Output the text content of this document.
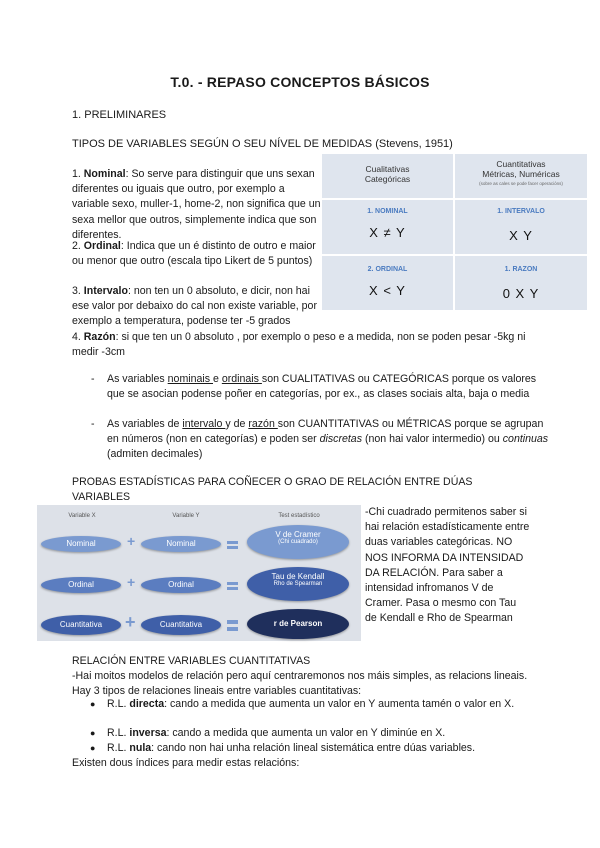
T.0. - REPASO CONCEPTOS BÁSICOS
1. PRELIMINARES
TIPOS DE VARIABLES SEGÚN O SEU NÍVEL DE MEDIDAS (Stevens, 1951)
1. Nominal: So serve para distinguir que uns sexan diferentes ou iguais que outro, por exemplo a variable sexo, muller-1, home-2, non significa que un sexa mellor que outros, simplemente indica que son diferentes.
2. Ordinal: Indica que un é distinto de outro e maior ou menor que outro (escala tipo Likert de 5 puntos)
3. Intervalo: non ten un 0 absoluto, e dicir, non hai ese valor por debaixo do cal non existe variable, por exemplo a temperatura, podense ter -5 grados
4. Razón: si que ten un 0 absoluto , por exemplo o peso e a medida, non se poden pesar -5kg ni medir -3cm
Cualitativas
Categóricas
Cuantitativas
Métricas, Numéricas
(sobre as cales se pode facer operacións)
1. NOMINAL
X ≠ Y
1. INTERVALO
X Y
2. ORDINAL
X < Y
1. RAZON
0 X Y
- As variables nominais e ordinais son CUALITATIVAS ou CATEGÓRICAS porque os valores que se asocian podense poñer en categorías, por ex., as clases sociais alta, baja o media
- As variables de intervalo y de razón son CUANTITATIVAS ou MÉTRICAS porque se agrupan en números (non en categorías) e poden ser discretas (non hai valor intermedio) ou continuas (admiten decimales)
PROBAS ESTADÍSTICAS PARA COÑECER O GRAO DE RELACIÓN ENTRE DÚAS VARIABLES
Variable X	Variable Y	Test estadístico
Nominal	+	Nominal
V de Cramer
(Chi cuadrado)
Ordinal	+	Ordinal
Tau de Kendall
Rho de Spearman
Cuantitativa	+	Cuantitativa	r de Pearson
-Chi cuadrado permitenos saber si hai relación estadísticamente entre duas variables categóricas. NO NOS INFORMA DA INTENSIDAD DA RELACIÓN. Para saber a intensidad infromanos V de Cramer. Pasa o mesmo con Tau de Kendall e Rho de Spearman
RELACIÓN ENTRE VARIABLES CUANTITATIVAS
-Hai moitos modelos de relación pero aquí centraremonos nos máis simples, as relacions lineais. Hay 3 tipos de relaciones lineais entre variables cuantitativas:
● R.L. directa: cando a medida que aumenta un valor en Y aumenta tamén o valor en X.
● R.L. inversa: cando a medida que aumenta un valor en Y diminúe en X.
● R.L. nula: cando non hai unha relación lineal sistemática entre dúas variables.
Existen dous índices para medir estas relacións:
